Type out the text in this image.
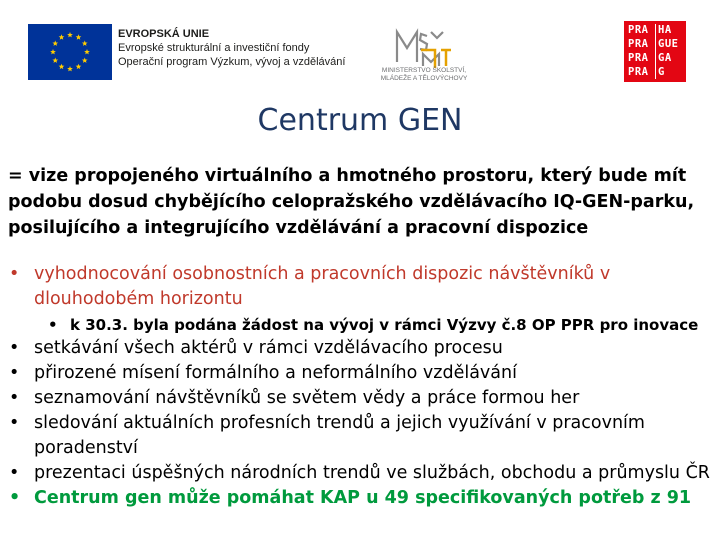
EVROPSKÁ UNIE
Evropské strukturální a investiční fondy
Operační program Výzkum, vývoj a vzdělávání
MINISTERSTVO ŠKOLSTVÍ,
MLÁDEŽE A TĚLOVÝCHOVY
PRA HA
PRA GUE
PRA GA
PRA G
Centrum GEN
= vize propojeného virtuálního a hmotného prostoru, který bude mít podobu dosud chybějícího celopražského vzdělávacího IQ-GEN-parku, posilujícího a integrujícího vzdělávání a pracovní dispozice
• vyhodnocování osobnostních a pracovních dispozic návštěvníků v dlouhodobém horizontu
• k 30.3. byla podána žádost na vývoj v rámci Výzvy č.8 OP PPR pro inovace
• setkávání všech aktérů v rámci vzdělávacího procesu
• přirozené mísení formálního a neformálního vzdělávání
• seznamování návštěvníků se světem vědy a práce formou her
• sledování aktuálních profesních trendů a jejich využívání v pracovním poradenství
• prezentaci úspěšných národních trendů ve službách, obchodu a průmyslu ČR
• Centrum gen může pomáhat KAP u 49 specifikovaných potřeb z 91
